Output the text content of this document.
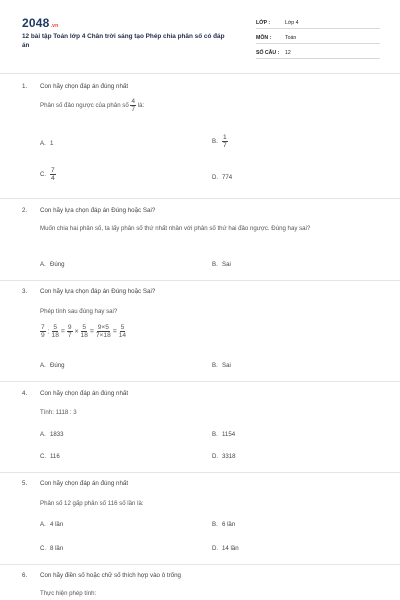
2048.vn
12 bài tập Toán lớp 4 Chân trời sáng tạo Phép chia phân số có đáp án
LỚP :	Lớp 4
MÔN :	Toán
SỐ CÂU :	12
1. Con hãy chọn đáp án đúng nhất
Phân số đảo ngược của phân số $\frac{4}{7}$ là:
A. 1	B. $\frac{1}{7}$
C. $\frac{7}{4}$	D. 774
2. Con hãy lựa chọn đáp án Đúng hoặc Sai?
Muốn chia hai phân số, ta lấy phân số thứ nhất nhân với phân số thứ hai đảo ngược. Đúng hay sai?
A. Đúng	B. Sai
3. Con hãy lựa chọn đáp án Đúng hoặc Sai?
Phép tính sau đúng hay sai?
$\frac{7}{9}$ : $\frac{5}{18} = \frac{9}{7} \times \frac{5}{18} = \frac{9\times 5}{7\times 18} = \frac{5}{14}$
A. Đúng	B. Sai
4. Con hãy chọn đáp án đúng nhất
Tính: 1118 : 3
A. 1833	B. 1154
C. 116	D. 3318
5. Con hãy chọn đáp án đúng nhất
Phân số 12 gấp phân số 116 số lần là:
A. 4 lần	B. 6 lần
C. 8 lần	D. 14 lần
6. Con hãy điền số hoặc chữ số thích hợp vào ô trống
Thực hiện phép tính:
